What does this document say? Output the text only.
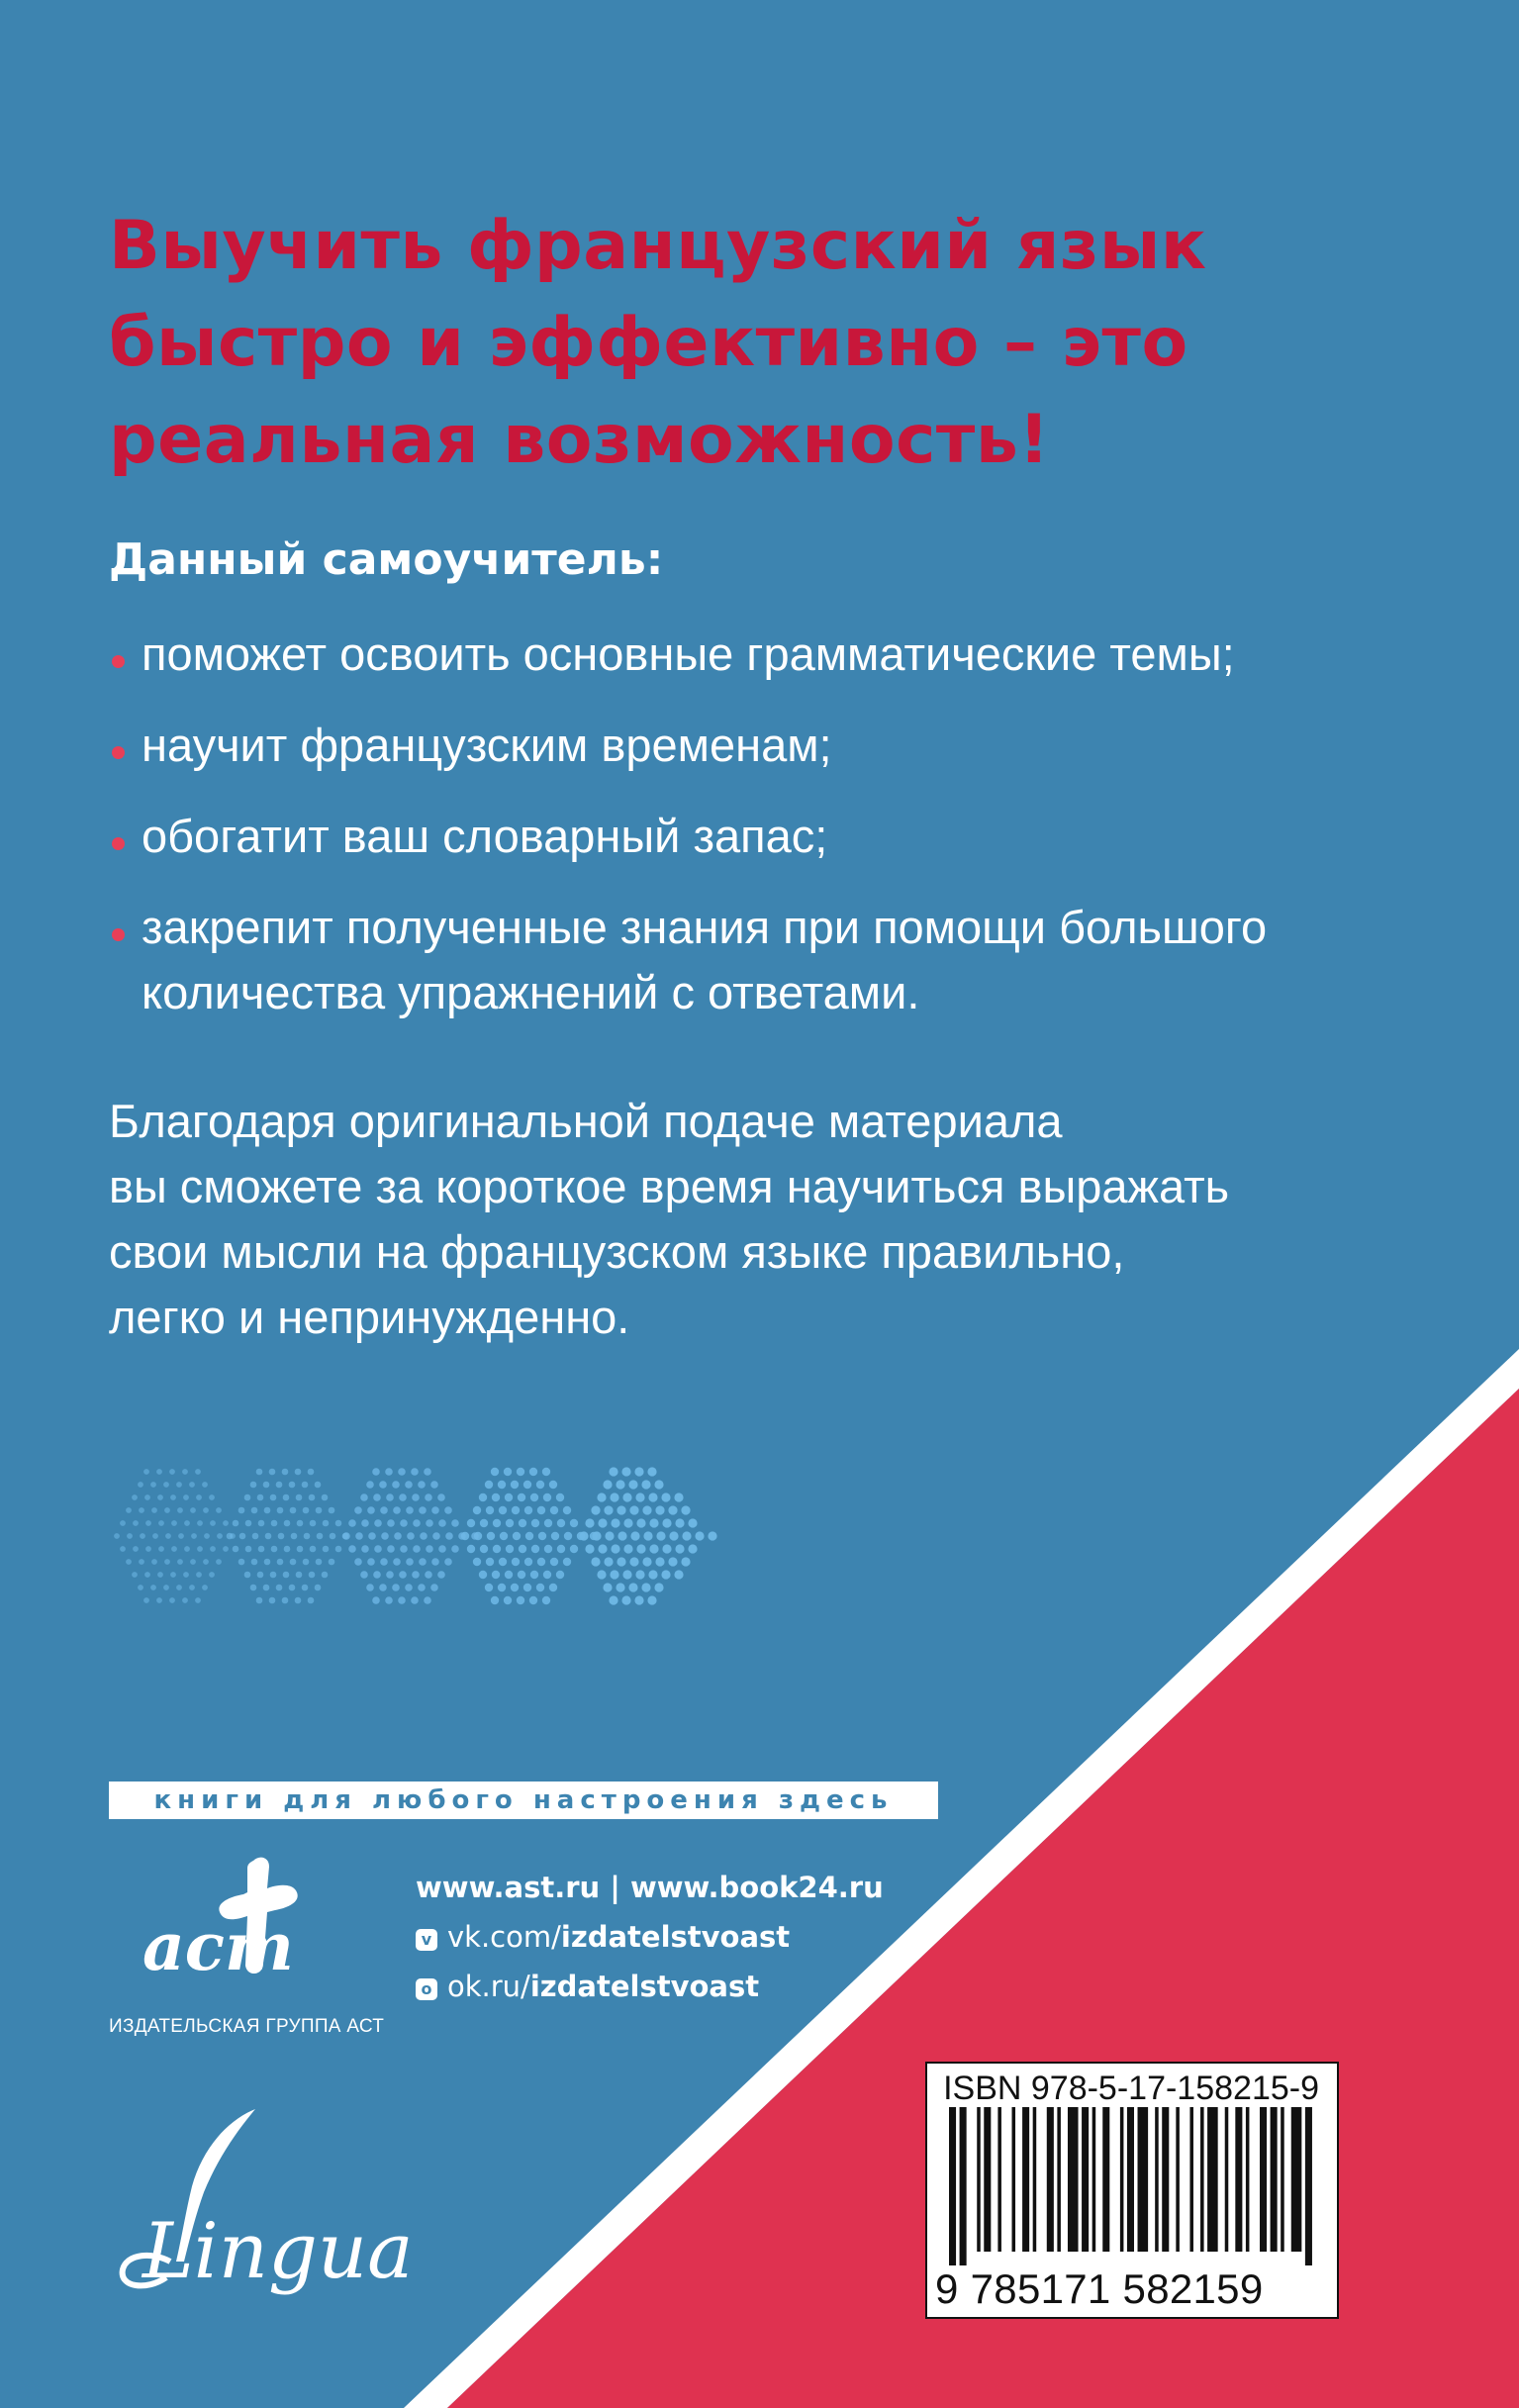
Выучить французский язык
быстро и эффективно – это
реальная возможность!

Данный самоучитель:

поможет освоить основные грамматические темы;
научит французским временам;
обогатит ваш словарный запас;
закрепит полученные знания при помощи большого
количества упражнений с ответами.

Благодаря оригинальной подаче материала
вы сможете за короткое время научиться выражать
свои мысли на французском языке правильно,
легко и непринужденно.

книги для любого настроения здесь
аст
ИЗДАТЕЛЬСКАЯ ГРУППА АСТ
www.ast.ru | www.book24.ru
v vk.com/izdatelstvoast
o ok.ru/izdatelstvoast
Lingua
ISBN 978-5-17-158215-9
9 785171 582159
